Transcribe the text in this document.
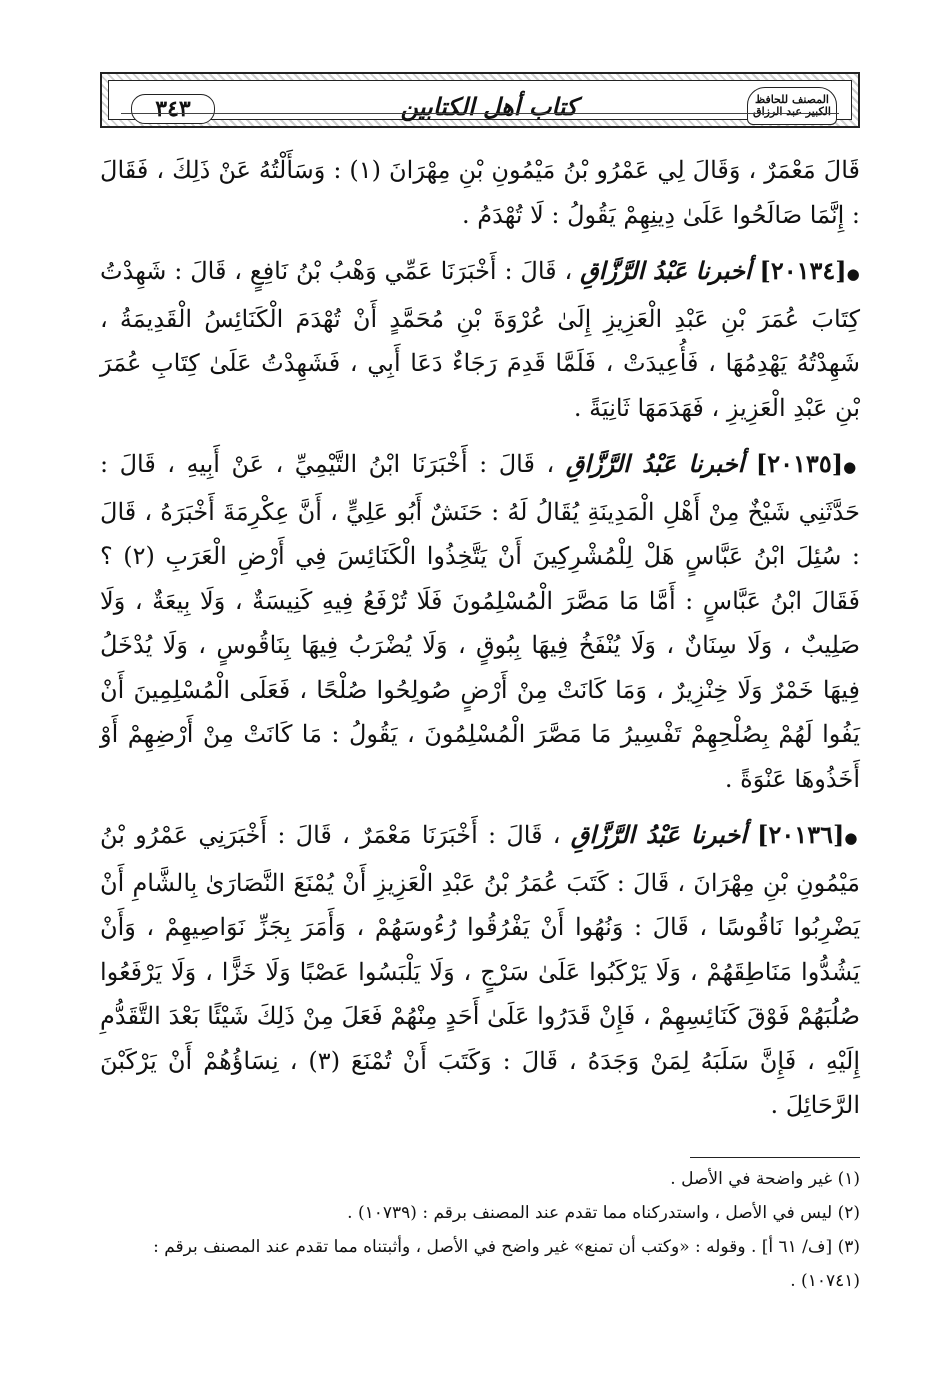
٣٤٣	كتاب أهل الكتابين	المصنف للحافظ الكبير عبد الرزاق

قَالَ مَعْمَرٌ ، وَقَالَ لِي عَمْرُو بْنُ مَيْمُونِ بْنِ مِهْرَانَ (١) : وَسَأَلْتُهُ عَنْ ذَلِكَ ، فَقَالَ : إِنَّمَا صَالَحُوا عَلَىٰ دِينِهِمْ يَقُولُ : لَا تُهْدَمُ .

●[٢٠١٣٤] أخبرنا عَبْدُ الرَّزَّاقِ ، قَالَ : أَخْبَرَنَا عَمِّي وَهْبُ بْنُ نَافِعٍ ، قَالَ : شَهِدْتُ كِتَابَ عُمَرَ بْنِ عَبْدِ الْعَزِيزِ إِلَىٰ عُرْوَةَ بْنِ مُحَمَّدٍ أَنْ تُهْدَمَ الْكَنَائِسُ الْقَدِيمَةُ ، شَهِدْتُهُ يَهْدِمُهَا ، فَأُعِيدَتْ ، فَلَمَّا قَدِمَ رَجَاءٌ دَعَا أَبِي ، فَشَهِدْتُ عَلَىٰ كِتَابِ عُمَرَ بْنِ عَبْدِ الْعَزِيزِ ، فَهَدَمَهَا ثَانِيَةً .

●[٢٠١٣٥] أخبرنا عَبْدُ الرَّزَّاقِ ، قَالَ : أَخْبَرَنَا ابْنُ التَّيْمِيِّ ، عَنْ أَبِيهِ ، قَالَ : حَدَّثَنِي شَيْخٌ مِنْ أَهْلِ الْمَدِينَةِ يُقَالُ لَهُ : حَنَشٌ أَبُو عَلِيٍّ ، أَنَّ عِكْرِمَةَ أَخْبَرَهُ ، قَالَ : سُئِلَ ابْنُ عَبَّاسٍ هَلْ لِلْمُشْرِكِينَ أَنْ يَتَّخِذُوا الْكَنَائِسَ فِي أَرْضِ الْعَرَبِ (٢) ؟ فَقَالَ ابْنُ عَبَّاسٍ : أَمَّا مَا مَصَّرَ الْمُسْلِمُونَ فَلَا تُرْفَعُ فِيهِ كَنِيسَةٌ ، وَلَا بِيعَةٌ ، وَلَا صَلِيبٌ ، وَلَا سِنَانٌ ، وَلَا يُنْفَخُ فِيهَا بِبُوقٍ ، وَلَا يُضْرَبُ فِيهَا بِنَاقُوسٍ ، وَلَا يُدْخَلُ فِيهَا خَمْرٌ وَلَا خِنْزِيرٌ ، وَمَا كَانَتْ مِنْ أَرْضٍ صُولِحُوا صُلْحًا ، فَعَلَى الْمُسْلِمِينَ أَنْ يَفُوا لَهُمْ بِصُلْحِهِمْ تَفْسِيرُ مَا مَصَّرَ الْمُسْلِمُونَ ، يَقُولُ : مَا كَانَتْ مِنْ أَرْضِهِمْ أَوْ أَخَذُوهَا عَنْوَةً .

●[٢٠١٣٦] أخبرنا عَبْدُ الرَّزَّاقِ ، قَالَ : أَخْبَرَنَا مَعْمَرٌ ، قَالَ : أَخْبَرَنِي عَمْرُو بْنُ مَيْمُونِ بْنِ مِهْرَانَ ، قَالَ : كَتَبَ عُمَرُ بْنُ عَبْدِ الْعَزِيزِ أَنْ يُمْنَعَ النَّصَارَىٰ بِالشَّامِ أَنْ يَضْرِبُوا نَاقُوسًا ، قَالَ : وَنُهُوا أَنْ يَفْرُقُوا رُءُوسَهُمْ ، وَأَمَرَ بِجَزِّ نَوَاصِيهِمْ ، وَأَنْ يَشُدُّوا مَنَاطِقَهُمْ ، وَلَا يَرْكَبُوا عَلَىٰ سَرْجٍ ، وَلَا يَلْبَسُوا عَصْبًا وَلَا خَزًّا ، وَلَا يَرْفَعُوا صُلُبَهُمْ فَوْقَ كَنَائِسِهِمْ ، فَإِنْ قَدَرُوا عَلَىٰ أَحَدٍ مِنْهُمْ فَعَلَ مِنْ ذَلِكَ شَيْئًا بَعْدَ التَّقَدُّمِ إِلَيْهِ ، فَإِنَّ سَلَبَهُ لِمَنْ وَجَدَهُ ، قَالَ : وَكَتَبَ أَنْ تُمْنَعَ (٣) ، نِسَاؤُهُمْ أَنْ يَرْكَبْنَ الرَّحَائِلَ .

(١) غير واضحة في الأصل .

(٢) ليس في الأصل ، واستدركناه مما تقدم عند المصنف برقم : (١٠٧٣٩) .

(٣) [ف/ ٦١ أ] . وقوله : «وكتب أن تمنع» غير واضح في الأصل ، وأثبتناه مما تقدم عند المصنف برقم : (١٠٧٤١) .
